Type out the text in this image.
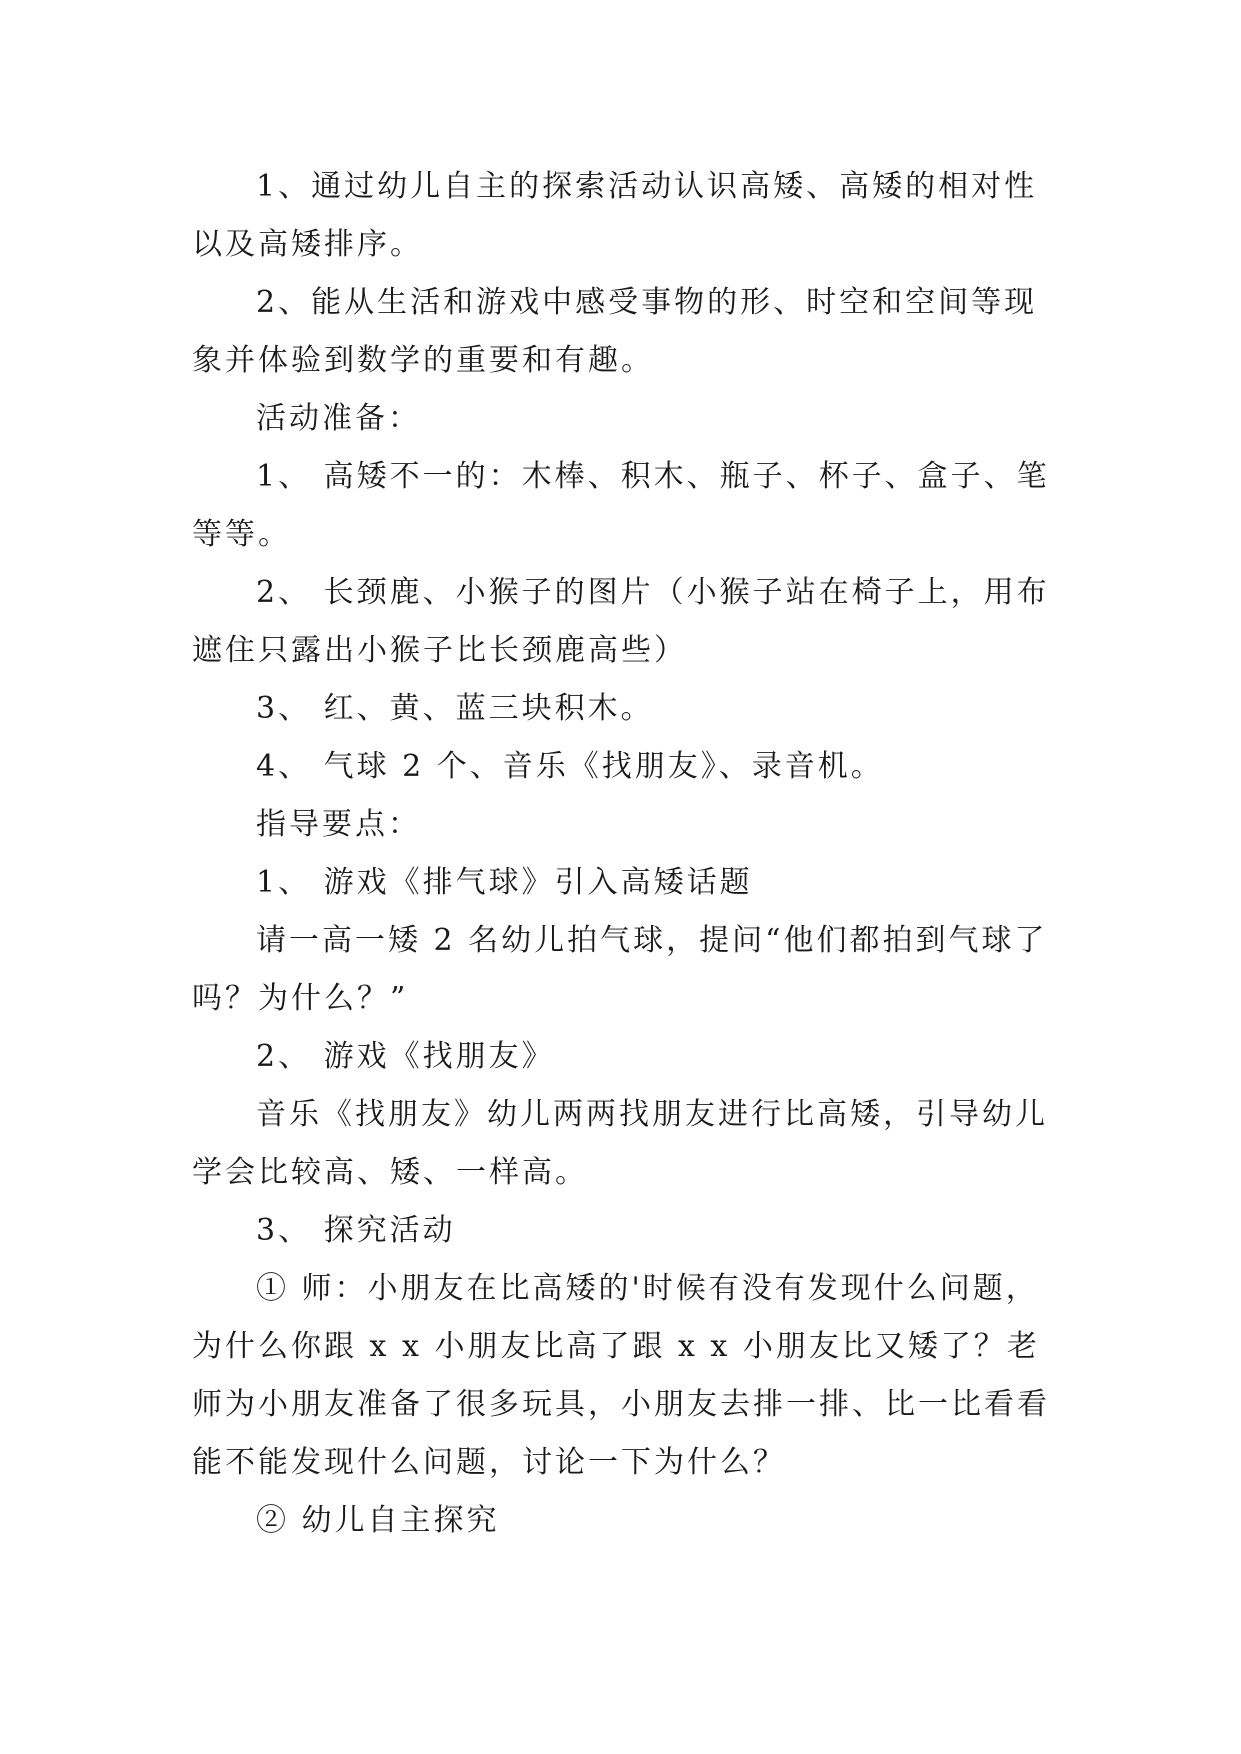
1、通过幼儿自主的探索活动认识高矮、高矮的相对性以及高矮排序。

2、能从生活和游戏中感受事物的形、时空和空间等现象并体验到数学的重要和有趣。

活动准备：

1、 高矮不一的：木棒、积木、瓶子、杯子、盒子、笔等等。

2、 长颈鹿、小猴子的图片（小猴子站在椅子上，用布遮住只露出小猴子比长颈鹿高些）

3、 红、黄、蓝三块积木。

4、 气球 2 个、音乐《找朋友》、录音机。

指导要点：

1、 游戏《排气球》引入高矮话题

请一高一矮 2 名幼儿拍气球，提问“他们都拍到气球了吗？为什么？”

2、 游戏《找朋友》

音乐《找朋友》幼儿两两找朋友进行比高矮，引导幼儿学会比较高、矮、一样高。

3、 探究活动

① 师：小朋友在比高矮的'时候有没有发现什么问题，为什么你跟 x x 小朋友比高了跟 x x 小朋友比又矮了？老师为小朋友准备了很多玩具，小朋友去排一排、比一比看看能不能发现什么问题，讨论一下为什么？

② 幼儿自主探究
